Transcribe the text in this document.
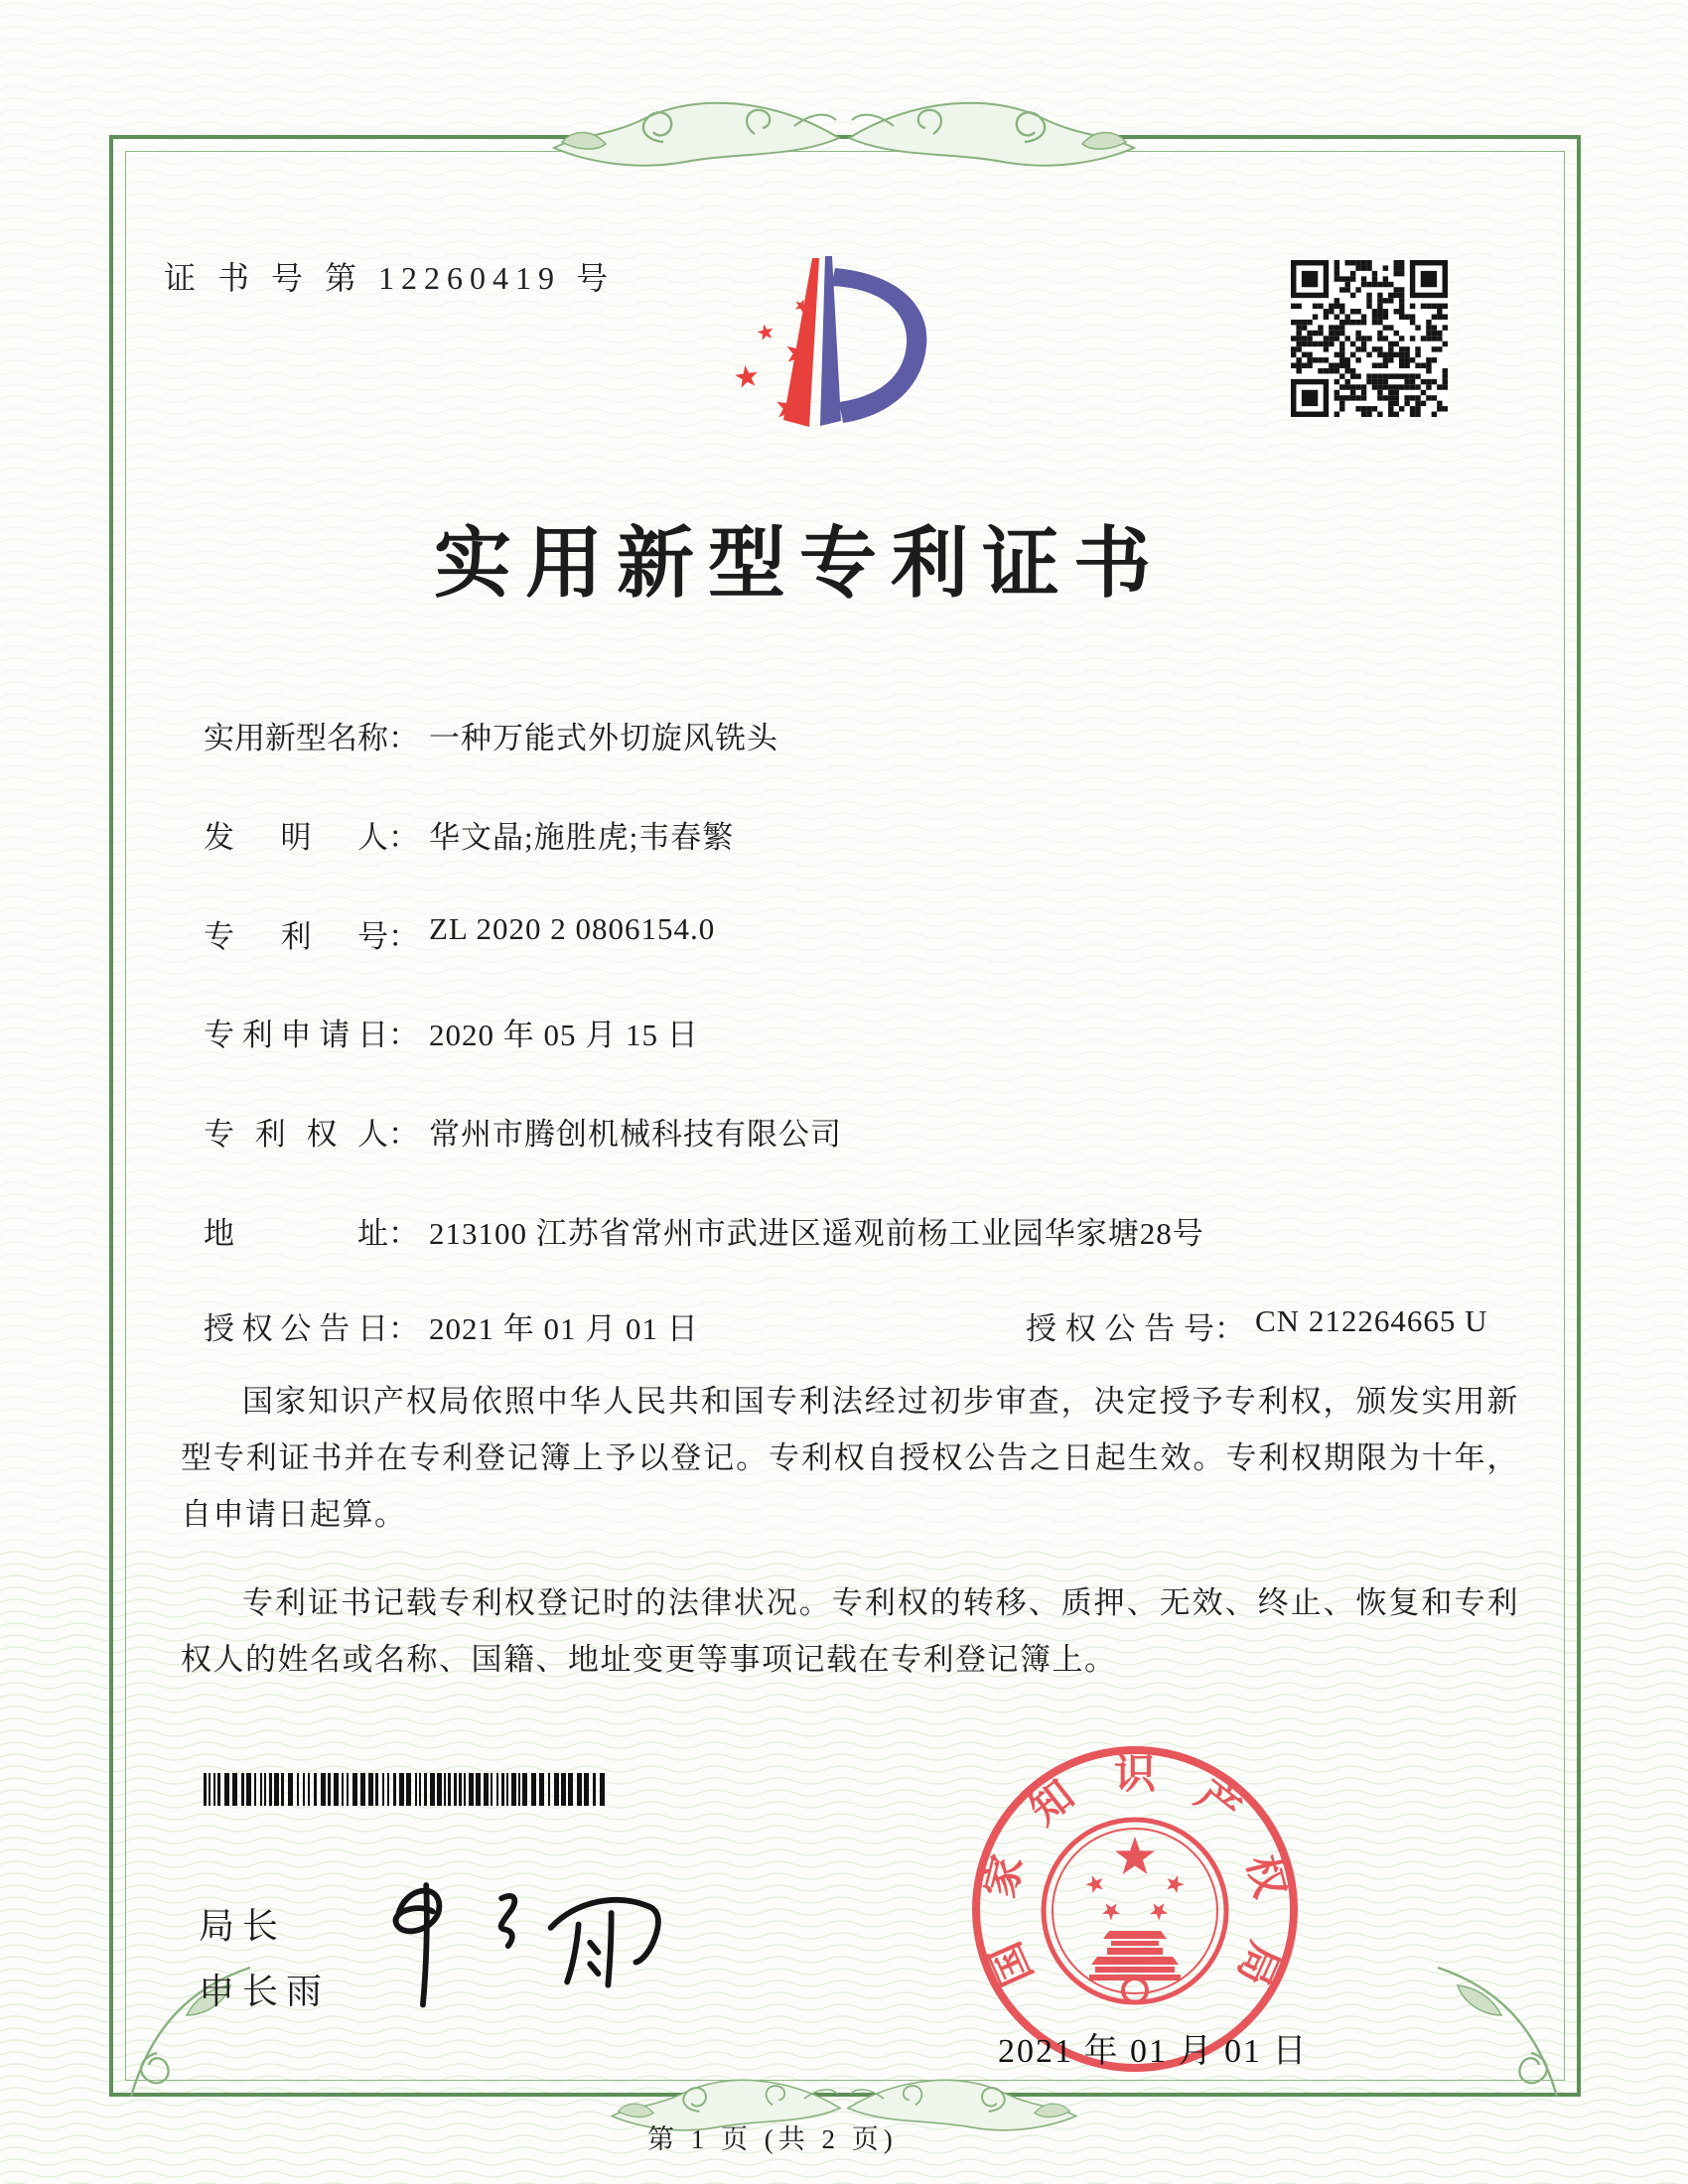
证 书 号 第 12260419 号
实用新型专利证书
实用新型名称： 一种万能式外切旋风铣头
发明人： 华文晶;施胜虎;韦春繁
专利号： ZL 2020 2 0806154.0
专利申请日： 2020 年 05 月 15 日
专利权人： 常州市腾创机械科技有限公司
地址： 213100 江苏省常州市武进区遥观前杨工业园华家塘28号
授权公告日： 2021 年 01 月 01 日	授权公告号： CN 212264665 U

国家知识产权局依照中华人民共和国专利法经过初步审查，决定授予专利权，颁发实用新型专利证书并在专利登记簿上予以登记。专利权自授权公告之日起生效。专利权期限为十年，自申请日起算。

专利证书记载专利权登记时的法律状况。专利权的转移、质押、无效、终止、恢复和专利权人的姓名或名称、国籍、地址变更等事项记载在专利登记簿上。

局长
申长雨	国
家
知 识 产
权
局
2021 年 01 月 01 日
第 1 页 (共 2 页)
